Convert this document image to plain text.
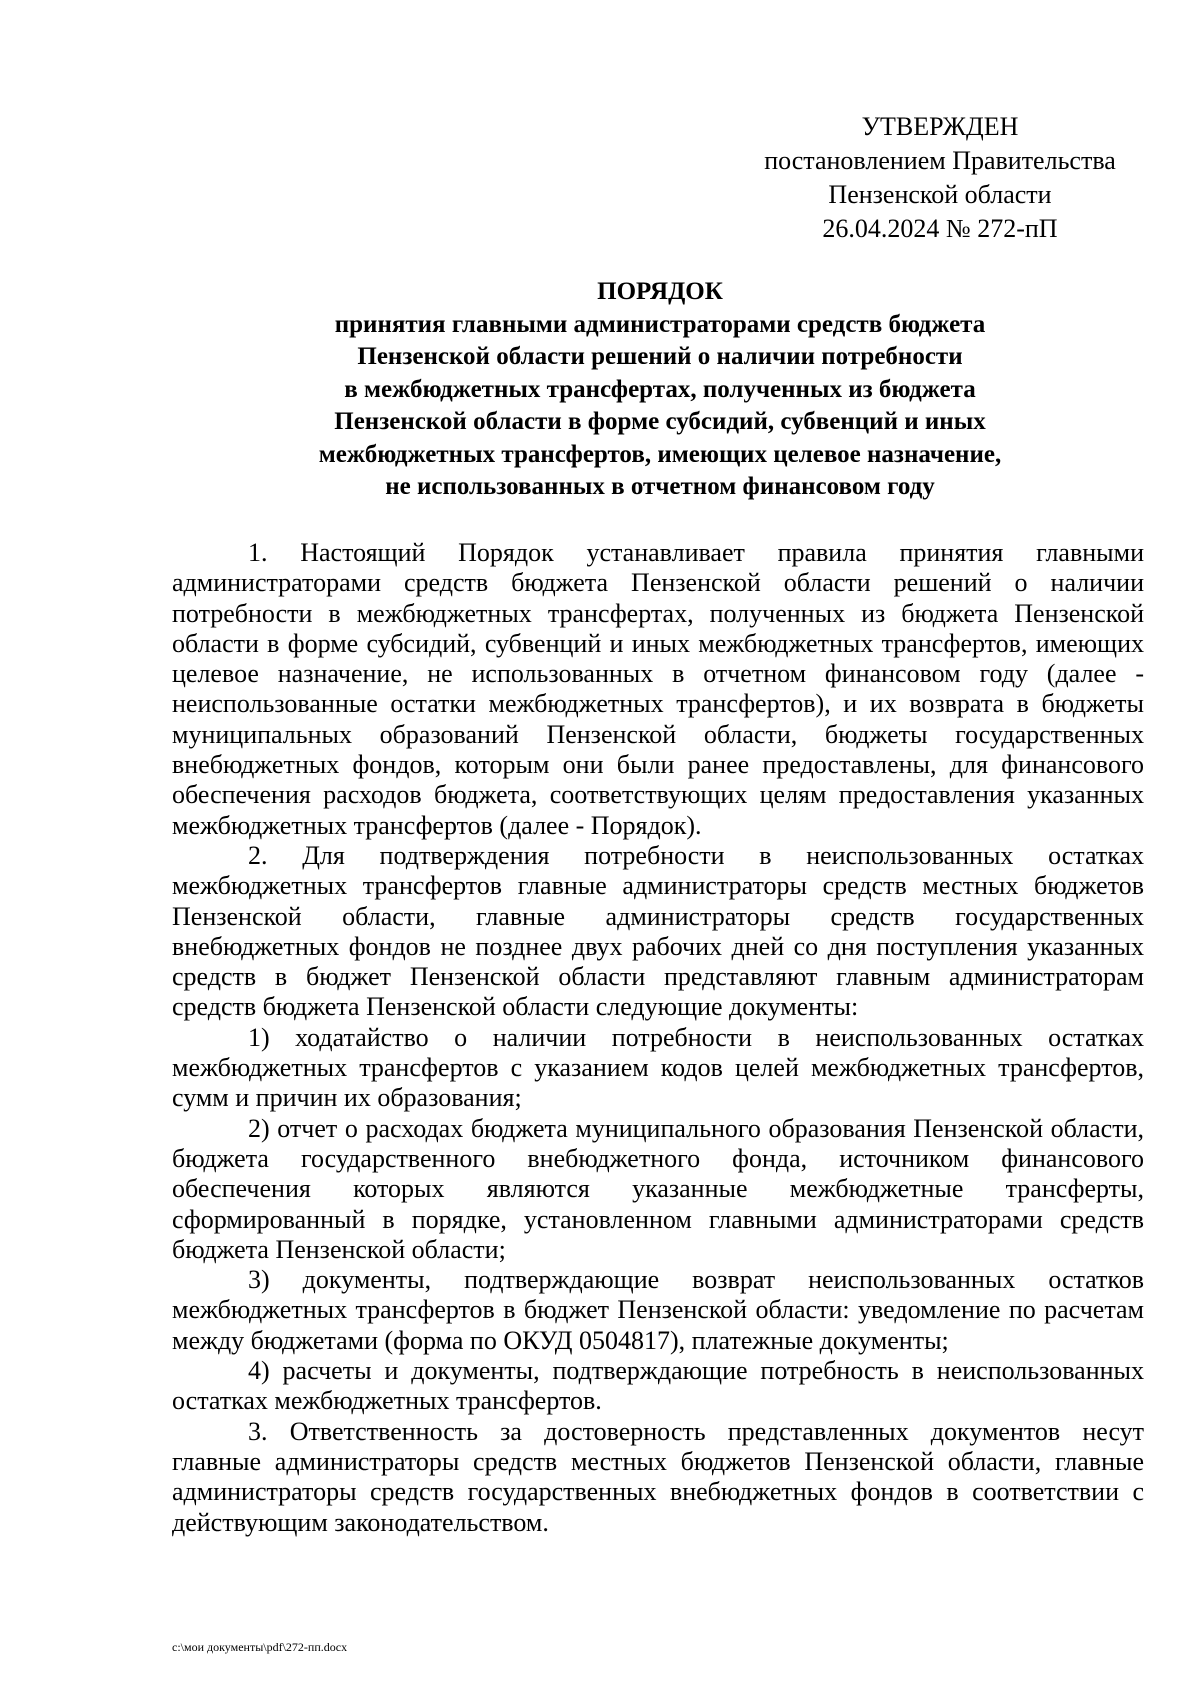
УТВЕРЖДЕН
постановлением Правительства
Пензенской области
26.04.2024 № 272-пП
ПОРЯДОК
принятия главными администраторами средств бюджета
Пензенской области решений о наличии потребности
в межбюджетных трансфертах, полученных из бюджета
Пензенской области в форме субсидий, субвенций и иных
межбюджетных трансфертов, имеющих целевое назначение,
не использованных в отчетном финансовом году

1. Настоящий Порядок устанавливает правила принятия главными администраторами средств бюджета Пензенской области решений о наличии потребности в межбюджетных трансфертах, полученных из бюджета Пензенской области в форме субсидий, субвенций и иных межбюджетных трансфертов, имеющих целевое назначение, не использованных в отчетном финансовом году (далее - неиспользованные остатки межбюджетных трансфертов), и их возврата в бюджеты муниципальных образований Пензенской области, бюджеты государственных внебюджетных фондов, которым они были ранее предоставлены, для финансового обеспечения расходов бюджета, соответствующих целям предоставления указанных межбюджетных трансфертов (далее - Порядок).

2. Для подтверждения потребности в неиспользованных остатках межбюджетных трансфертов главные администраторы средств местных бюджетов Пензенской области, главные администраторы средств государственных внебюджетных фондов не позднее двух рабочих дней со дня поступления указанных средств в бюджет Пензенской области представляют главным администраторам средств бюджета Пензенской области следующие документы:

1) ходатайство о наличии потребности в неиспользованных остатках межбюджетных трансфертов с указанием кодов целей межбюджетных трансфертов, сумм и причин их образования;

2) отчет о расходах бюджета муниципального образования Пензенской области, бюджета государственного внебюджетного фонда, источником финансового обеспечения которых являются указанные межбюджетные трансферты, сформированный в порядке, установленном главными администраторами средств бюджета Пензенской области;

3) документы, подтверждающие возврат неиспользованных остатков межбюджетных трансфертов в бюджет Пензенской области: уведомление по расчетам между бюджетами (форма по ОКУД 0504817), платежные документы;

4) расчеты и документы, подтверждающие потребность в неиспользованных остатках межбюджетных трансфертов.

3. Ответственность за достоверность представленных документов несут главные администраторы средств местных бюджетов Пензенской области, главные администраторы средств государственных внебюджетных фондов в соответствии с действующим законодательством.

c:\мои документы\pdf\272-пп.docx
